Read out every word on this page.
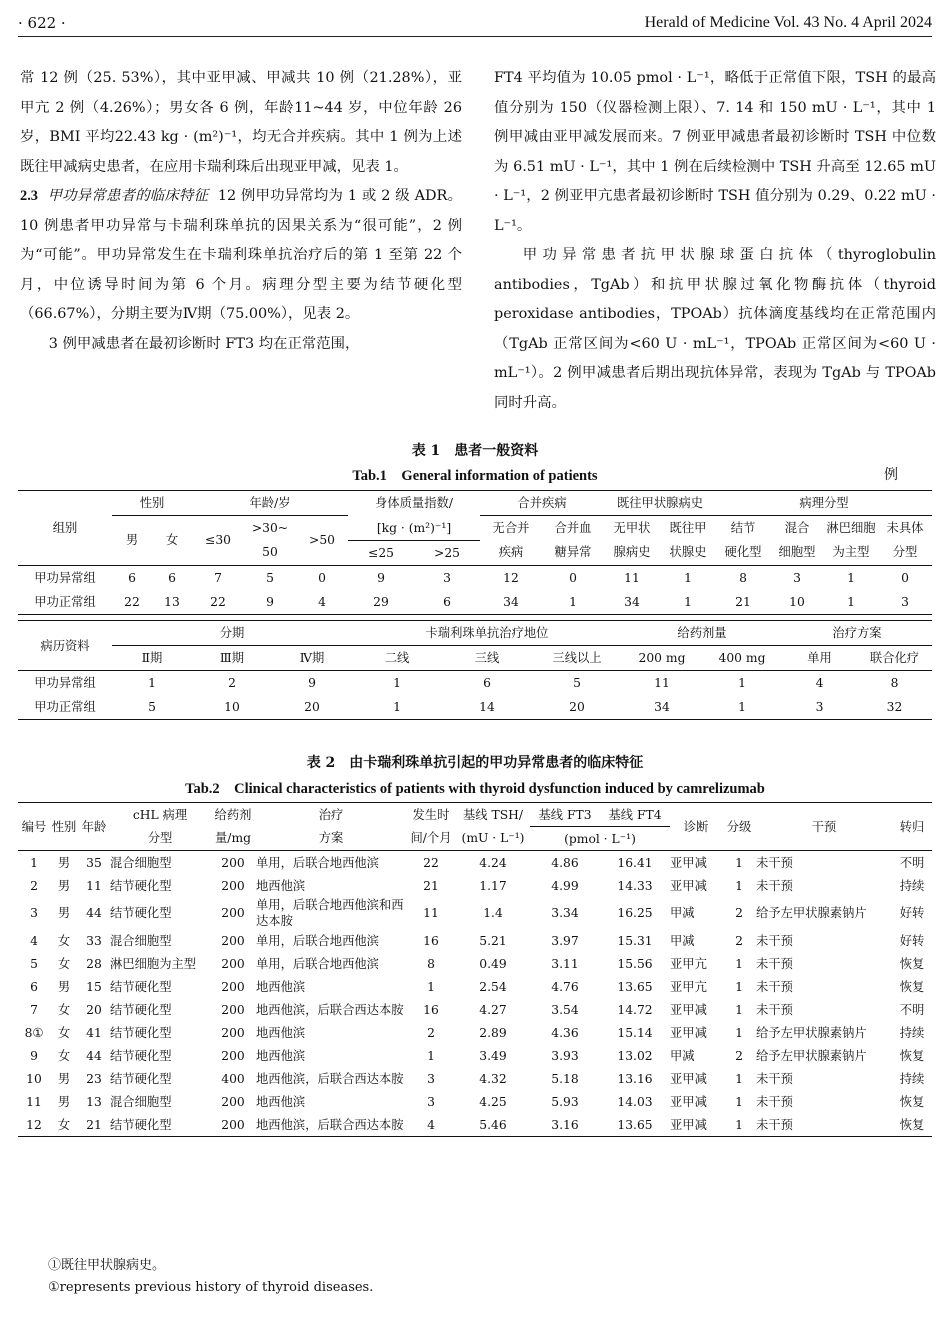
· 622 ·	Herald of Medicine Vol. 43 No. 4 April 2024

常 12 例（25. 53%），其中亚甲减、甲减共 10 例（21.28%），亚甲亢 2 例（4.26%）；男女各 6 例，年龄11~44 岁，中位年龄 26 岁，BMI 平均22.43 kg · (m²)⁻¹，均无合并疾病。其中 1 例为上述既往甲减病史患者，在应用卡瑞利珠后出现亚甲减，见表 1。

2.3 甲功异常患者的临床特征 12 例甲功异常均为 1 或 2 级 ADR。10 例患者甲功异常与卡瑞利珠单抗的因果关系为“很可能”，2 例为“可能”。甲功异常发生在卡瑞利珠单抗治疗后的第 1 至第 22 个月，中位诱导时间为第 6 个月。病理分型主要为结节硬化型（66.67%），分期主要为Ⅳ期（75.00%），见表 2。

3 例甲减患者在最初诊断时 FT3 均在正常范围，

FT4 平均值为 10.05 pmol · L⁻¹，略低于正常值下限，TSH 的最高值分别为 150（仪器检测上限）、7. 14 和 150 mU · L⁻¹，其中 1 例甲减由亚甲减发展而来。7 例亚甲减患者最初诊断时 TSH 中位数为 6.51 mU · L⁻¹，其中 1 例在后续检测中 TSH 升高至 12.65 mU · L⁻¹，2 例亚甲亢患者最初诊断时 TSH 值分别为 0.29、0.22 mU · L⁻¹。

甲功异常患者抗甲状腺球蛋白抗体（thyroglobulin antibodies，TgAb）和抗甲状腺过氧化物酶抗体（thyroid peroxidase antibodies，TPOAb）抗体滴度基线均在正常范围内（TgAb 正常区间为<60 U · mL⁻¹，TPOAb 正常区间为<60 U · mL⁻¹）。2 例甲减患者后期出现抗体异常，表现为 TgAb 与 TPOAb 同时升高。

表 1　患者一般资料
Tab.1　General information of patients	例
组别	性别		年龄/岁			身体质量指数/		合并疾病		既往甲状腺病史		病理分型			
	男	女	≤30	>30~	>50	[kg · (m²)⁻¹]		无合并	合并血	无甲状	既往甲	结节	混合	淋巴细胞	未具体
				50		≤25	>25	疾病	糖异常	腺病史	状腺史	硬化型	细胞型	为主型	分型
甲功异常组	6	6	7	5	0	9	3	12	0	11	1	8	3	1	0
甲功正常组	22	13	22	9	4	29	6	34	1	34	1	21	10	1	3
病历资料	分期			卡瑞利珠单抗治疗地位			给药剂量		治疗方案	
	Ⅱ期	Ⅲ期	Ⅳ期	二线	三线	三线以上	200 mg	400 mg	单用	联合化疗
甲功异常组	1	2	9	1	6	5	11	1	4	8
甲功正常组	5	10	20	1	14	20	34	1	3	32
表 2　由卡瑞利珠单抗引起的甲功异常患者的临床特征
Tab.2　Clinical characteristics of patients with thyroid dysfunction induced by camrelizumab
编号	性别	年龄	cHL 病理	给药剂	治疗	发生时	基线 TSH/	基线 FT3	基线 FT4	诊断	分级	干预	转归
			分型	量/mg	方案	间/个月	(mU · L⁻¹)	(pmol · L⁻¹)					
1	男	35	混合细胞型	200	单用，后联合地西他滨	22	4.24	4.86	16.41	亚甲减	1	未干预	不明
2	男	11	结节硬化型	200	地西他滨	21	1.17	4.99	14.33	亚甲减	1	未干预	持续
3	男	44	结节硬化型	200	单用，后联合地西他滨和西达本胺	11	1.4	3.34	16.25	甲减	2	给予左甲状腺素钠片	好转
4	女	33	混合细胞型	200	单用，后联合地西他滨	16	5.21	3.97	15.31	甲减	2	未干预	好转
5	女	28	淋巴细胞为主型	200	单用，后联合地西他滨	8	0.49	3.11	15.56	亚甲亢	1	未干预	恢复
6	男	15	结节硬化型	200	地西他滨	1	2.54	4.76	13.65	亚甲亢	1	未干预	恢复
7	女	20	结节硬化型	200	地西他滨，后联合西达本胺	16	4.27	3.54	14.72	亚甲减	1	未干预	不明
8①	女	41	结节硬化型	200	地西他滨	2	2.89	4.36	15.14	亚甲减	1	给予左甲状腺素钠片	持续
9	女	44	结节硬化型	200	地西他滨	1	3.49	3.93	13.02	甲减	2	给予左甲状腺素钠片	恢复
10	男	23	结节硬化型	400	地西他滨，后联合西达本胺	3	4.32	5.18	13.16	亚甲减	1	未干预	持续
11	男	13	混合细胞型	200	地西他滨	3	4.25	5.93	14.03	亚甲减	1	未干预	恢复
12	女	21	结节硬化型	200	地西他滨，后联合西达本胺	4	5.46	3.16	13.65	亚甲减	1	未干预	恢复
①既往甲状腺病史。
①represents previous history of thyroid diseases.
